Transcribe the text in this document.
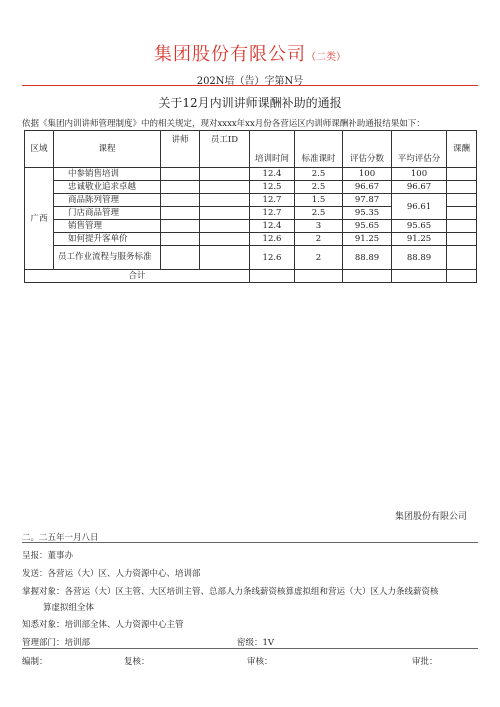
集团股份有限公司（二类）
202N培（告）字第N号
关于12月内训讲师课酬补助的通报
依据《集团内训讲师管理制度》中的相关规定，现对xxxx年xx月份各营运区内训师课酬补助通报结果如下：
区域	课程	讲师	员工ID	培训时间	标准课时	评估分数	平均评估分	课酬
广西	中参销售培训			12.4	2.5	100	100	
	忠诚敬业追求卓越			12.5	2.5	96.67	96.67	
	商品陈列管理			12.7	1.5	97.87	96.61	
	门店商品管理			12.7	2.5	95.35		
	销售管理			12.4	3	95.65	95.65	
	如何提升客单价			12.6	2	91.25	91.25	
	员工作业流程与服务标准			12.6	2	88.89	88.89	
合计								
集团股份有限公司
二。二五年一月八日
呈报：董事办
发送：各营运（大）区、人力资源中心、培训部
掌握对象：各营运（大）区主管、大区培训主管、总部人力条线薪资核算虚拟组和营运（大）区人力条线薪资核
算虚拟组全体
知悉对象：培训部全体、人力资源中心主管
管理部门：培训部	密级：1V
编制：	复核：	审核：	审批：
